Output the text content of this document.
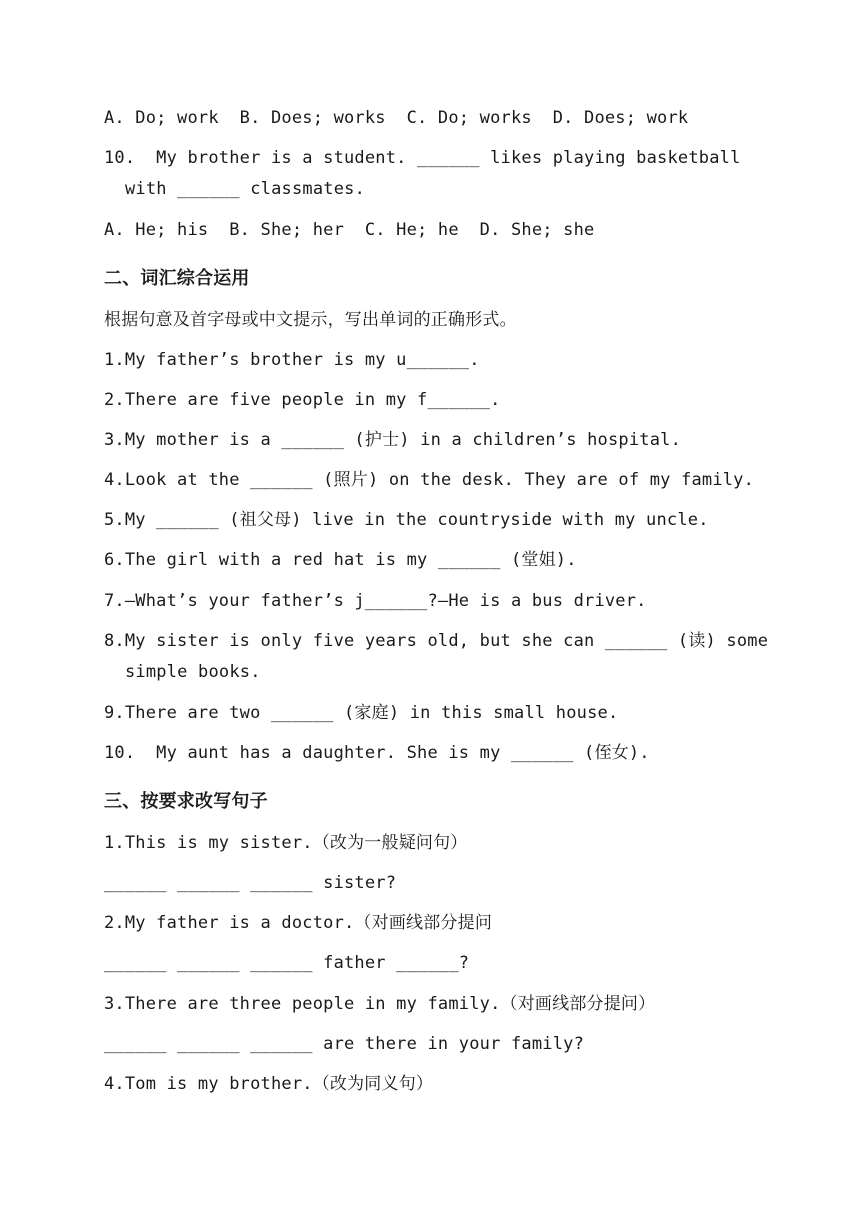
A. Do; work  B. Does; works  C. Do; works  D. Does; work

10.  My brother is a student. ______ likes playing basketball

with ______ classmates.

A. He; his  B. She; her  C. He; he  D. She; she

二、词汇综合运用

根据句意及首字母或中文提示，写出单词的正确形式。

1.My father’s brother is my u______.

2.There are five people in my f______.

3.My mother is a ______ (护士) in a children’s hospital.

4.Look at the ______ (照片) on the desk. They are of my family.

5.My ______ (祖父母) live in the countryside with my uncle.

6.The girl with a red hat is my ______ (堂姐).

7.—What’s your father’s j______?—He is a bus driver.

8.My sister is only five years old, but she can ______ (读) some

simple books.

9.There are two ______ (家庭) in this small house.

10.  My aunt has a daughter. She is my ______ (侄女).

三、按要求改写句子

1.This is my sister.（改为一般疑问句）

______ ______ ______ sister?

2.My father is a doctor.（对画线部分提问

______ ______ ______ father ______?

3.There are three people in my family.（对画线部分提问）

______ ______ ______ are there in your family?

4.Tom is my brother.（改为同义句）
